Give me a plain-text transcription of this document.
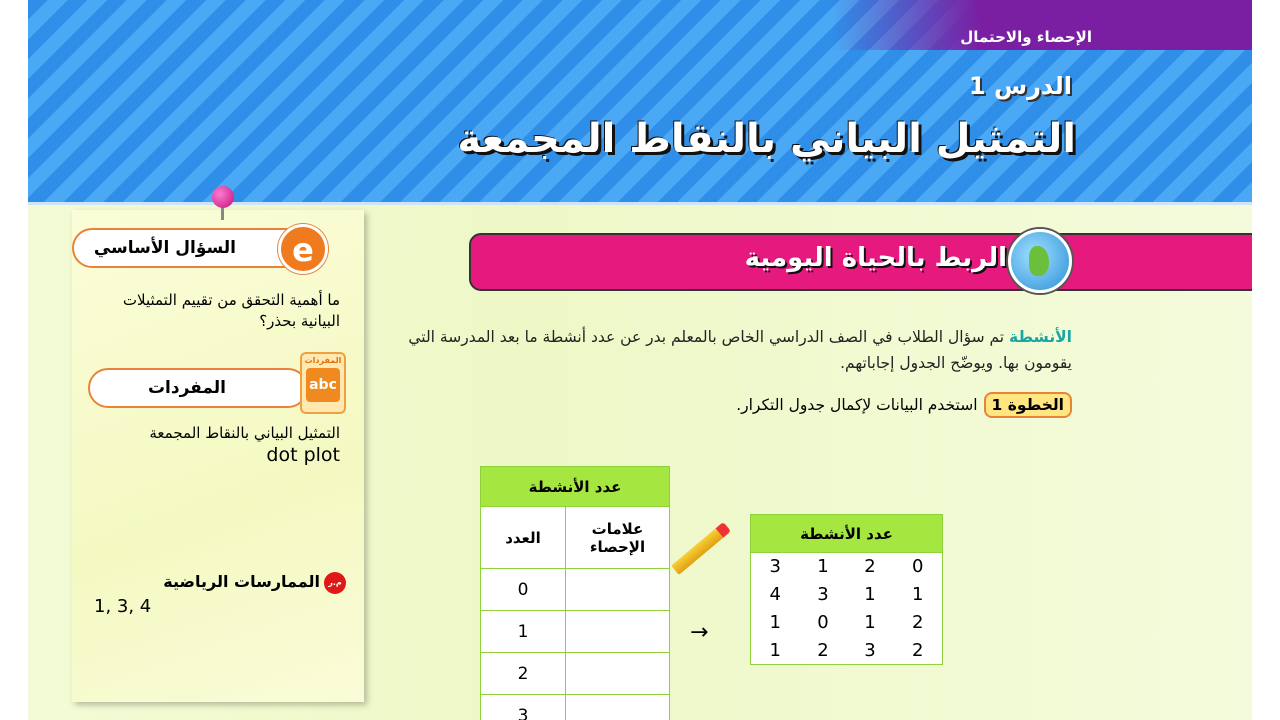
الإحصاء والاحتمال
الدرس 1
التمثيل البياني بالنقاط المجمعة
السؤال الأساسي	e
ما أهمية التحقق من تقييم التمثيلات البيانية بحذر؟
المفردات
المفردات
abc
التمثيل البياني بالنقاط المجمعة
dot plot
م.ر
الممارسات الرياضية
1, 3, 4
الربط بالحياة اليومية
الأنشطة تم سؤال الطلاب في الصف الدراسي الخاص بالمعلم بدر عن عدد أنشطة ما بعد المدرسة التي يقومون بها. ويوضّح الجدول إجاباتهم.
الخطوة 1استخدم البيانات لإكمال جدول التكرار.
عدد الأنشطة	
العدد	علامات الإحصاء
0	
1	
2	
3	
→
عدد الأنشطة			
3	1	2	0
4	3	1	1
1	0	1	2
1	2	3	2
